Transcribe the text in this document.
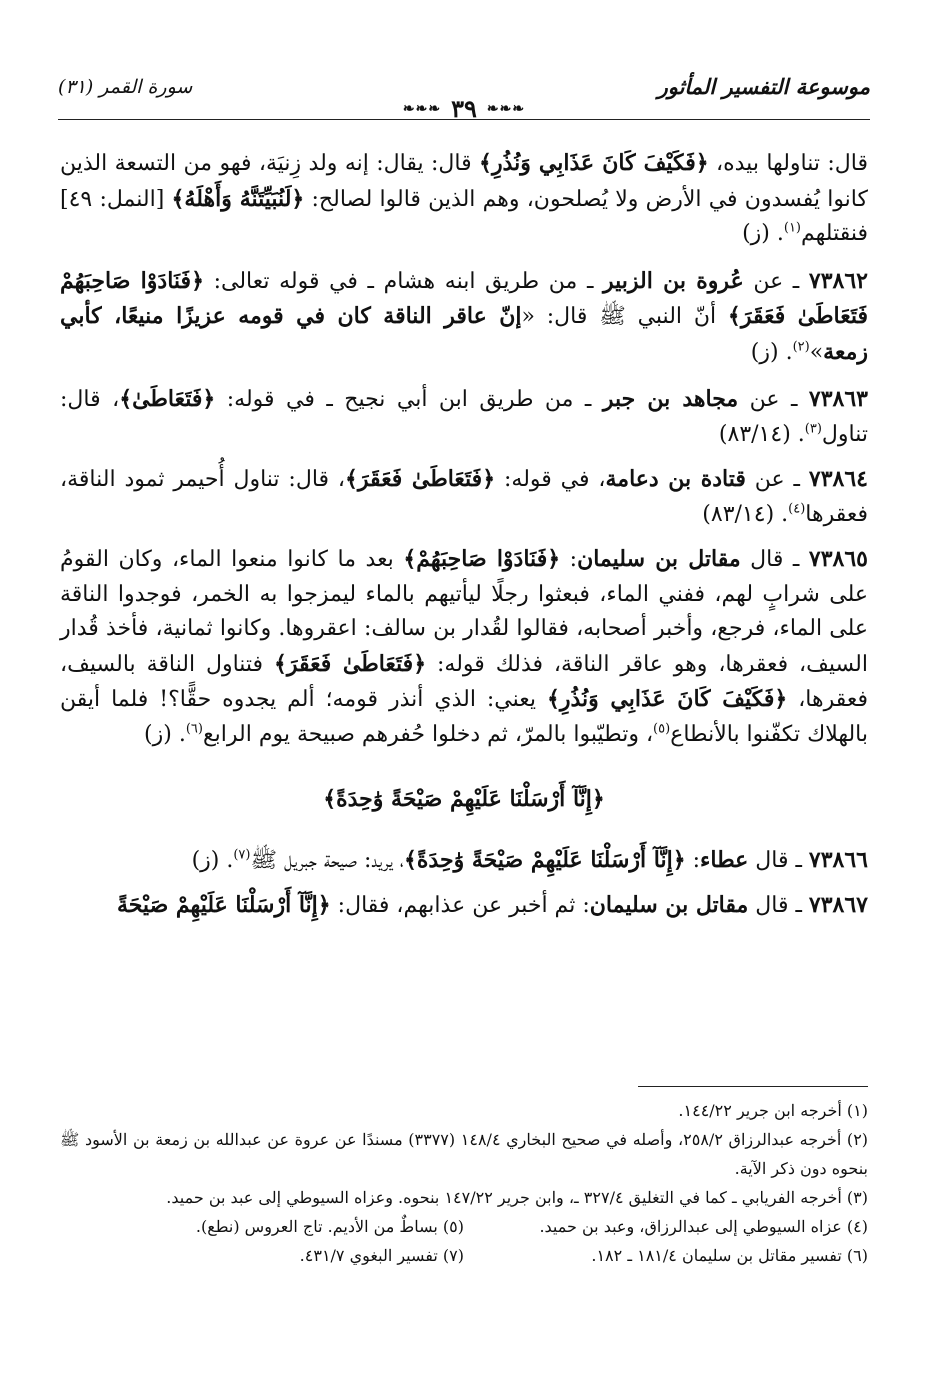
موسوعة التفسير المأثور
❧❧❧
٣٩
❧❧❧
سورة القمر (٣١)

قال: تناولها بيده، ﴿فَكَيْفَ كَانَ عَذَابِي وَنُذُرِ﴾ قال: يقال: إنه ولد زِنيَة، فهو من التسعة الذين كانوا يُفسدون في الأرض ولا يُصلحون، وهم الذين قالوا لصالح: ﴿لَنُبَيِّتَنَّهُ وَأَهْلَهُ﴾ [النمل: ٤٩] فنقتلهم$^{(١)}$. (ز)

٧٣٨٦٢ ـ عن عُروة بن الزبير ـ من طريق ابنه هشام ـ في قوله تعالى: ﴿فَنَادَوْا صَاحِبَهُمْ فَتَعَاطَىٰ فَعَقَرَ﴾ أنّ النبي ﷺ قال: «إنّ عاقر الناقة كان في قومه عزيزًا منيعًا، كأبي زمعة»$^{(٢)}$. (ز)

٧٣٨٦٣ ـ عن مجاهد بن جبر ـ من طريق ابن أبي نجيح ـ في قوله: ﴿فَتَعَاطَىٰ﴾، قال: تناول$^{(٣)}$. (٨٣/١٤)

٧٣٨٦٤ ـ عن قتادة بن دعامة، في قوله: ﴿فَتَعَاطَىٰ فَعَقَرَ﴾، قال: تناول أُحيمر ثمود الناقة، فعقرها$^{(٤)}$. (٨٣/١٤)

٧٣٨٦٥ ـ قال مقاتل بن سليمان: ﴿فَنَادَوْا صَاحِبَهُمْ﴾ بعد ما كانوا منعوا الماء، وكان القومُ على شرابٍ لهم، ففني الماء، فبعثوا رجلًا ليأتيهم بالماء ليمزجوا به الخمر، فوجدوا الناقة على الماء، فرجع، وأخبر أصحابه، فقالوا لقُدار بن سالف: اعقروها. وكانوا ثمانية، فأخذ قُدار السيف، فعقرها، وهو عاقر الناقة، فذلك قوله: ﴿فَتَعَاطَىٰ فَعَقَرَ﴾ فتناول الناقة بالسيف، فعقرها، ﴿فَكَيْفَ كَانَ عَذَابِي وَنُذُرِ﴾ يعني: الذي أنذر قومه؛ ألم يجدوه حقًّا؟! فلما أيقن بالهلاك تكفّنوا بالأنطاع$^{(٥)}$، وتطيّبوا بالمرّ، ثم دخلوا حُفرهم صبيحة يوم الرابع$^{(٦)}$. (ز)

﴿إِنَّآ أَرْسَلْنَا عَلَيْهِمْ صَيْحَةً وَٰحِدَةً﴾

٧٣٨٦٦ ـ قال عطاء: ﴿إِنَّآ أَرْسَلْنَا عَلَيْهِمْ صَيْحَةً وَٰحِدَةً﴾، يريد: صيحة جبريل ﷺ$^{(٧)}$. (ز)

٧٣٨٦٧ ـ قال مقاتل بن سليمان: ثم أخبر عن عذابهم، فقال: ﴿إِنَّآ أَرْسَلْنَا عَلَيْهِمْ صَيْحَةً

(١) أخرجه ابن جرير ١٤٤/٢٢.

(٢) أخرجه عبدالرزاق ٢٥٨/٢، وأصله في صحيح البخاري ١٤٨/٤ (٣٣٧٧) مسندًا عن عروة عن عبدالله بن زمعة بن الأسود ﷺ بنحوه دون ذكر الآية.

(٣) أخرجه الفريابي ـ كما في التغليق ٣٢٧/٤ ـ، وابن جرير ١٤٧/٢٢ بنحوه. وعزاه السيوطي إلى عبد بن حميد.

(٤) عزاه السيوطي إلى عبدالرزاق، وعبد بن حميد.
(٥) بساطٌ من الأديم. تاج العروس (نطع).
(٦) تفسير مقاتل بن سليمان ١٨١/٤ ـ ١٨٢.
(٧) تفسير البغوي ٤٣١/٧.
